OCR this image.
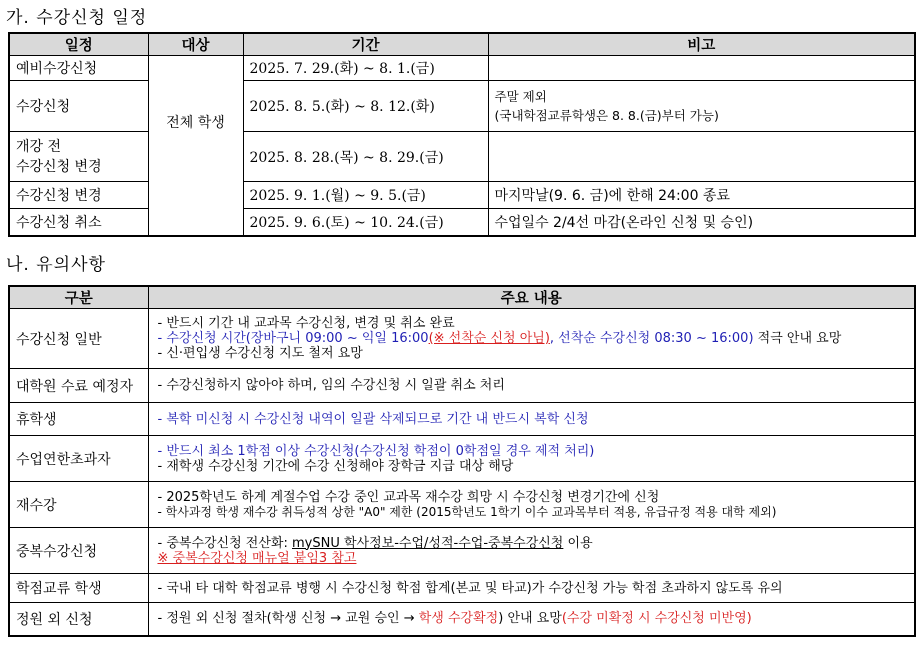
가. 수강신청 일정
일정	대상	기간	비고
예비수강신청	전체 학생	2025. 7. 29.(화) ~ 8. 1.(금)	
수강신청		2025. 8. 5.(화) ~ 8. 12.(화)	주말 제외
(국내학점교류학생은 8. 8.(금)부터 가능)

개강 전
수강신청 변경		2025. 8. 28.(목) ~ 8. 29.(금)	
수강신청 변경		2025. 9. 1.(월) ~ 9. 5.(금)	마지막날(9. 6. 금)에 한해 24:00 종료
수강신청 취소		2025. 9. 6.(토) ~ 10. 24.(금)	수업일수 2/4선 마감(온라인 신청 및 승인)
나. 유의사항
구분	주요 내용
수강신청 일반	- 반드시 기간 내 교과목 수강신청, 변경 및 취소 완료
- 수강신청 시간(장바구니 09:00 ~ 익일 16:00(※ 선착순 신청 아님), 선착순 수강신청 08:30 ~ 16:00) 적극 안내 요망
- 신·편입생 수강신청 지도 철저 요망

대학원 수료 예정자	- 수강신청하지 않아야 하며, 임의 수강신청 시 일괄 취소 처리
휴학생	- 복학 미신청 시 수강신청 내역이 일괄 삭제되므로 기간 내 반드시 복학 신청
수업연한초과자	- 반드시 최소 1학점 이상 수강신청(수강신청 학점이 0학점일 경우 제적 처리)
- 재학생 수강신청 기간에 수강 신청해야 장학금 지급 대상 해당

재수강	- 2025학년도 하계 계절수업 수강 중인 교과목 재수강 희망 시 수강신청 변경기간에 신청
- 학사과정 학생 재수강 취득성적 상한 "A0" 제한 (2015학년도 1학기 이수 교과목부터 적용, 유급규정 적용 대학 제외)

중복수강신청	- 중복수강신청 전산화: mySNU 학사정보-수업/성적-수업-중복수강신청 이용
※ 중복수강신청 매뉴얼 붙임3 참고

학점교류 학생	- 국내 타 대학 학점교류 병행 시 수강신청 학점 합계(본교 및 타교)가 수강신청 가능 학점 초과하지 않도록 유의
정원 외 신청	- 정원 외 신청 절차(학생 신청 → 교원 승인 → 학생 수강확정) 안내 요망(수강 미확정 시 수강신청 미반영)
